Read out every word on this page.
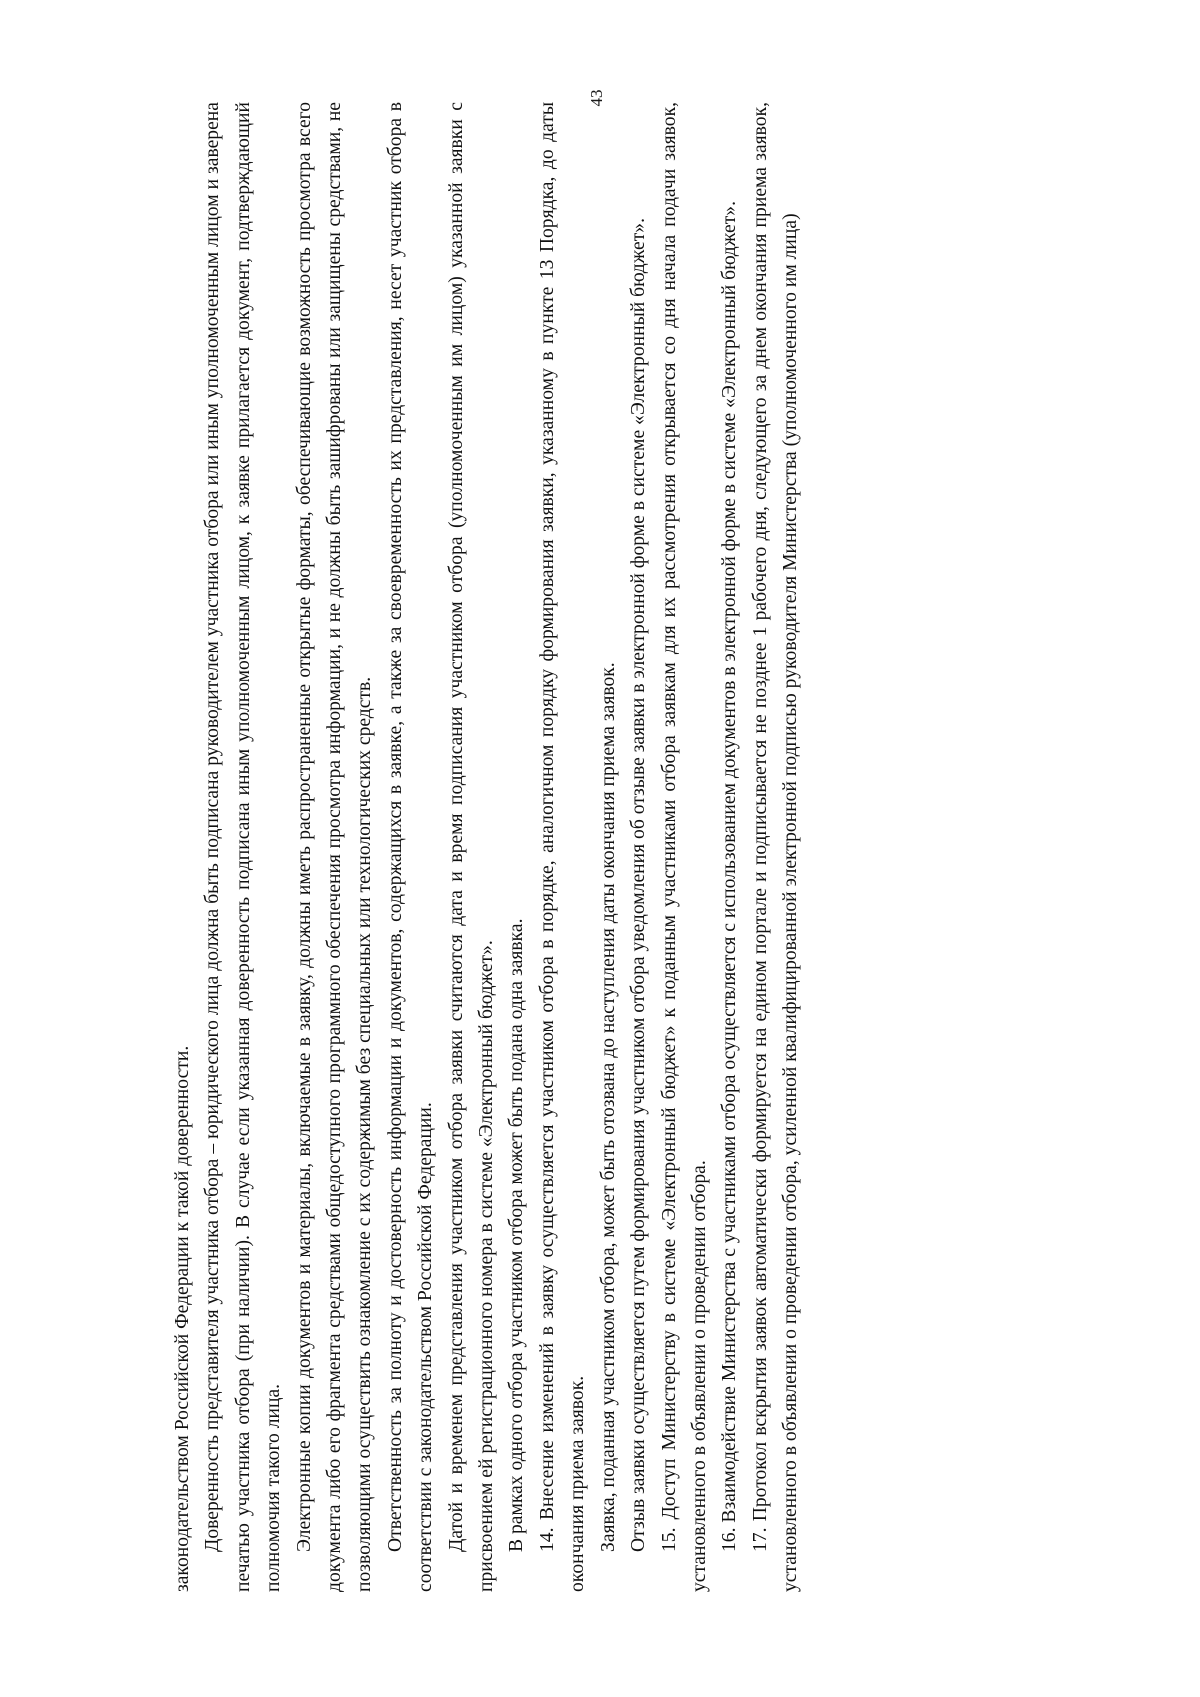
43

законодательством Российской Федерации к такой доверенности. Доверенность представителя участника отбора – юридического лица должна быть подписана руководителем участника отбора или иным уполномоченным лицом и заверена печатью участника отбора (при наличии). В случае если указанная доверенность подписана иным уполномоченным лицом, к заявке прилагается документ, подтверждающий полномочия такого лица. Электронные копии документов и материалы, включаемые в заявку, должны иметь распространенные открытые форматы, обеспечивающие возможность просмотра всего документа либо его фрагмента средствами общедоступного программного обеспечения просмотра информации, и не должны быть зашифрованы или защищены средствами, не позволяющими осуществить ознакомление с их содержимым без специальных или технологических средств. Ответственность за полноту и достоверность информации и документов, содержащихся в заявке, а также за своевременность их представления, несет участник отбора в соответствии с законодательством Российской Федерации. Датой и временем представления участником отбора заявки считаются дата и время подписания участником отбора (уполномоченным им лицом) указанной заявки с присвоением ей регистрационного номера в системе «Электронный бюджет». В рамках одного отбора участником отбора может быть подана одна заявка. 14. Внесение изменений в заявку осуществляется участником отбора в порядке, аналогичном порядку формирования заявки, указанному в пункте 13 Порядка, до даты окончания приема заявок. Заявка, поданная участником отбора, может быть отозвана до наступления даты окончания приема заявок. Отзыв заявки осуществляется путем формирования участником отбора уведомления об отзыве заявки в электронной форме в системе «Электронный бюджет». 15. Доступ Министерству в системе «Электронный бюджет» к поданным участниками отбора заявкам для их рассмотрения открывается со дня начала подачи заявок, установленного в объявлении о проведении отбора. 16. Взаимодействие Министерства с участниками отбора осуществляется с использованием документов в электронной форме в системе «Электронный бюджет». 17. Протокол вскрытия заявок автоматически формируется на едином портале и подписывается не позднее 1 рабочего дня, следующего за днем окончания приема заявок, установленного в объявлении о проведении отбора, усиленной квалифицированной электронной подписью руководителя Министерства (уполномоченного им лица)
